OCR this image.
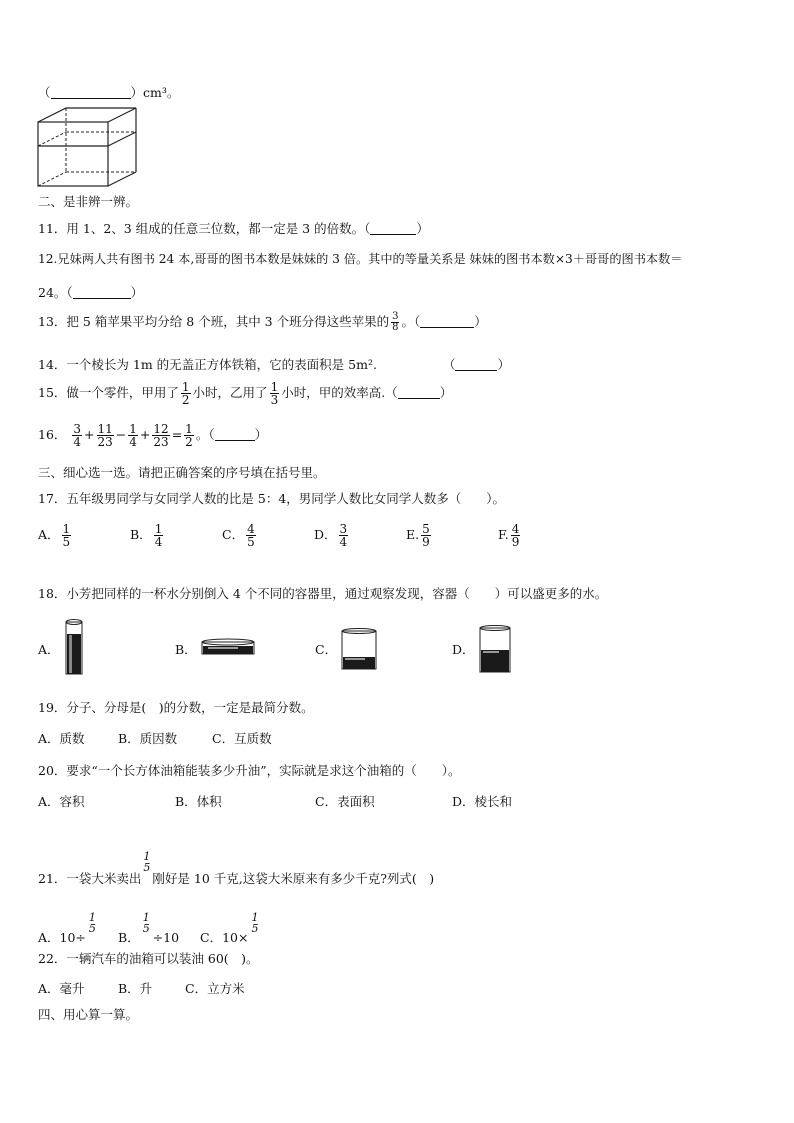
（	）cm³。
二、是非辨一辨。
11．用 1、2、3 组成的任意三位数，都一定是 3 的倍数。（	）
12.兄妹两人共有图书 24 本,哥哥的图书本数是妹妹的 3 倍。其中的等量关系是 妹妹的图书本数×3＋哥哥的图书本数＝
24。（	）
13．把 5 箱苹果平均分给 8 个班，其中 3 个班分得这些苹果的 $\frac{3}{8}$ 。（	）
14．一个棱长为 1m 的无盖正方体铁箱，它的表面积是 5m².	（	）
15．做一个零件，甲用了 $\frac{1}{2}$ 小时，乙用了 $\frac{1}{3}$ 小时，甲的效率高.（	）
16． $\frac{3}{4} + \frac{11}{23} - \frac{1}{4} + \frac{12}{23} = \frac{1}{2}$ 。（	）
三、细心选一选。请把正确答案的序号填在括号里。
17．五年级男同学与女同学人数的比是 5：4，男同学人数比女同学人数多（　　）。
A． $\frac{1}{5}$	B． $\frac{1}{4}$	C． $\frac{4}{5}$	D． $\frac{3}{4}$	E. $\frac{5}{9}$	F. $\frac{4}{9}$
18．小芳把同样的一杯水分别倒入 4 个不同的容器里，通过观察发现，容器（　　）可以盛更多的水。
A．	B．	C．	D．
19．分子、分母是(　)的分数，一定是最简分数。
A．质数	B．质因数	C．互质数
20．要求“一个长方体油箱能装多少升油”，实际就是求这个油箱的（　　）。
A．容积	B．体积	C．表面积	D．棱长和
21．一袋大米卖出
1
5
刚好是 10 千克,这袋大米原来有多少千克?列式(　)
A．10÷
1
5
B．
1
5
÷10 C．10×
1
5
22．一辆汽车的油箱可以装油 60(　)。
A．毫升	B．升	C．立方米
四、用心算一算。
